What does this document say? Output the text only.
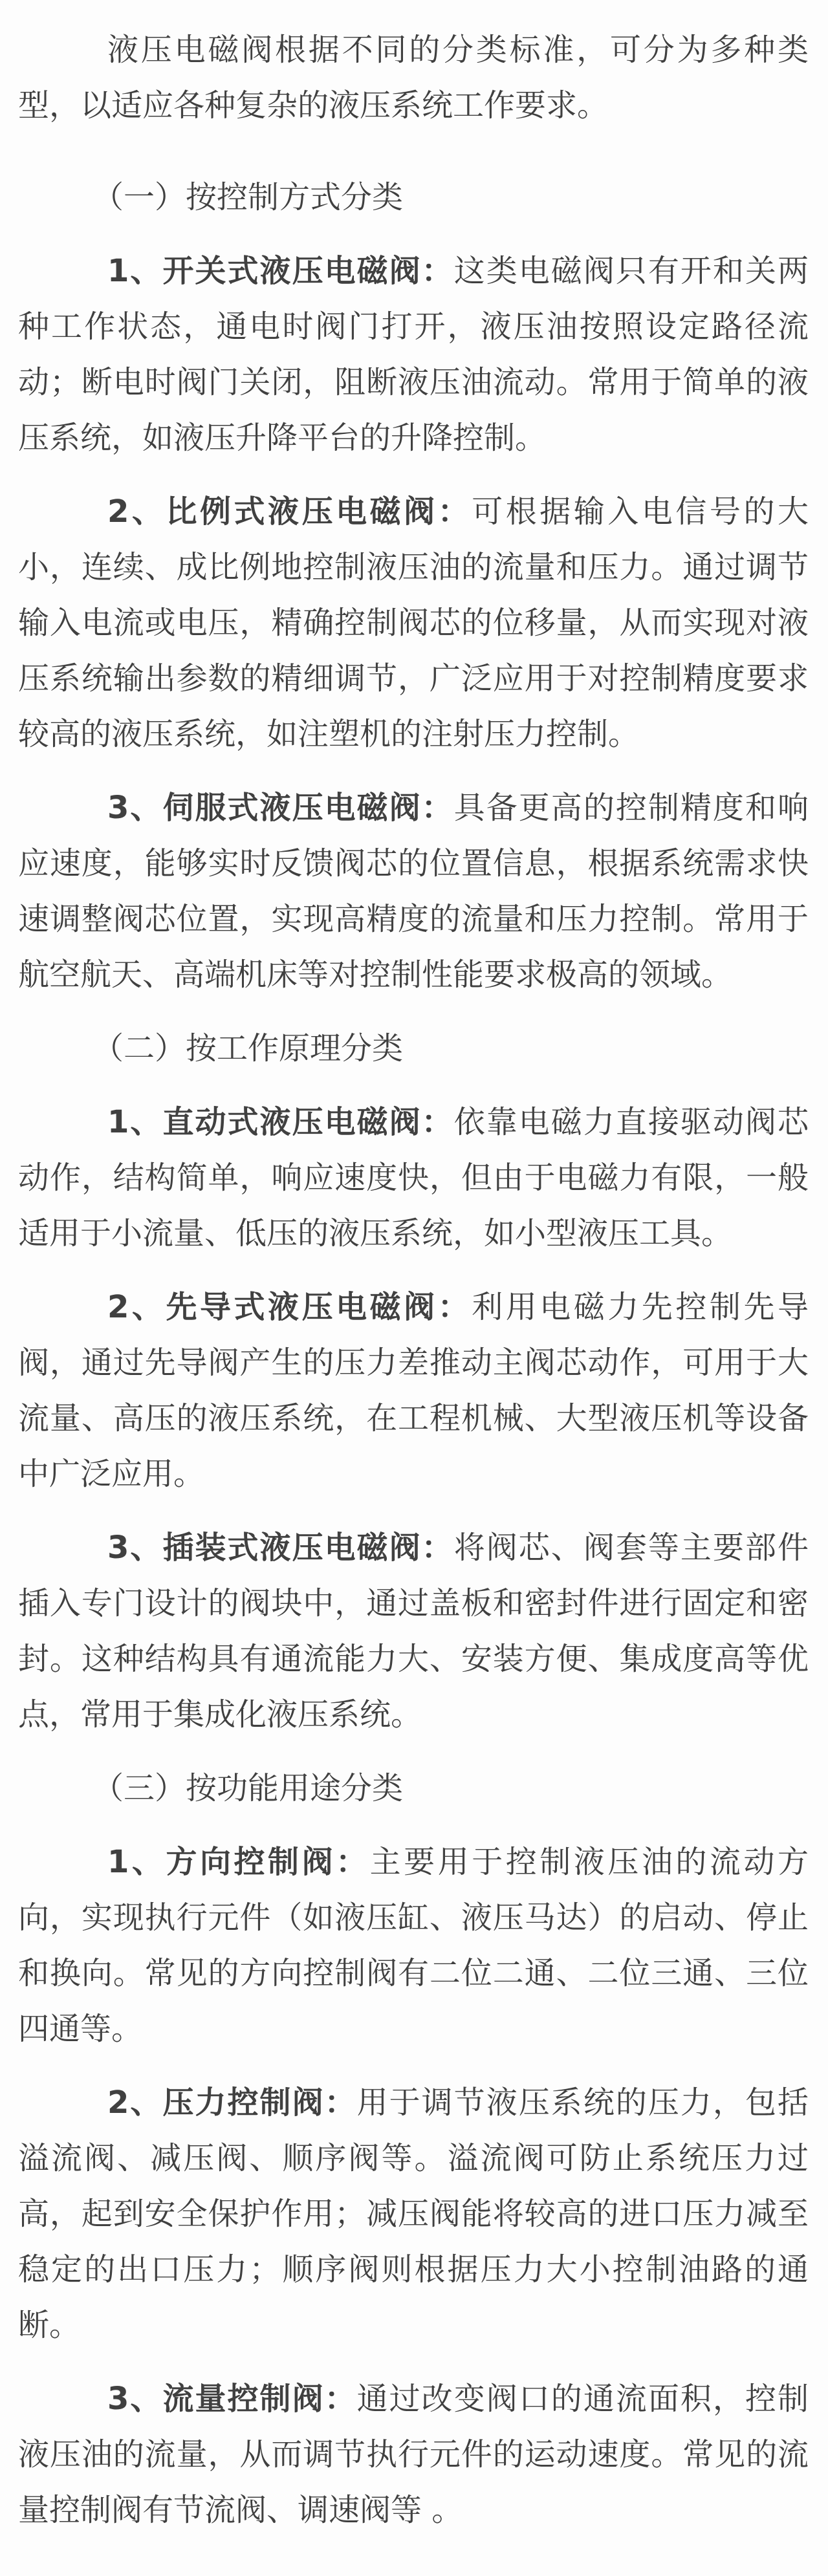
液压电磁阀根据不同的分类标准，可分为多种类型，以适应各种复杂的液压系统工作要求。

（一）按控制方式分类

1、开关式液压电磁阀：这类电磁阀只有开和关两种工作状态，通电时阀门打开，液压油按照设定路径流动；断电时阀门关闭，阻断液压油流动。常用于简单的液压系统，如液压升降平台的升降控制。

2、比例式液压电磁阀：可根据输入电信号的大小，连续、成比例地控制液压油的流量和压力。通过调节输入电流或电压，精确控制阀芯的位移量，从而实现对液压系统输出参数的精细调节，广泛应用于对控制精度要求较高的液压系统，如注塑机的注射压力控制。

3、伺服式液压电磁阀：具备更高的控制精度和响应速度，能够实时反馈阀芯的位置信息，根据系统需求快速调整阀芯位置，实现高精度的流量和压力控制。常用于航空航天、高端机床等对控制性能要求极高的领域。

（二）按工作原理分类

1、直动式液压电磁阀：依靠电磁力直接驱动阀芯动作，结构简单，响应速度快，但由于电磁力有限，一般适用于小流量、低压的液压系统，如小型液压工具。

2、先导式液压电磁阀：利用电磁力先控制先导阀，通过先导阀产生的压力差推动主阀芯动作，可用于大流量、高压的液压系统，在工程机械、大型液压机等设备中广泛应用。

3、插装式液压电磁阀：将阀芯、阀套等主要部件插入专门设计的阀块中，通过盖板和密封件进行固定和密封。这种结构具有通流能力大、安装方便、集成度高等优点，常用于集成化液压系统。

（三）按功能用途分类

1、方向控制阀：主要用于控制液压油的流动方向，实现执行元件（如液压缸、液压马达）的启动、停止和换向。常见的方向控制阀有二位二通、二位三通、三位四通等。

2、压力控制阀：用于调节液压系统的压力，包括溢流阀、减压阀、顺序阀等。溢流阀可防止系统压力过高，起到安全保护作用；减压阀能将较高的进口压力减至稳定的出口压力；顺序阀则根据压力大小控制油路的通断。

3、流量控制阀：通过改变阀口的通流面积，控制液压油的流量，从而调节执行元件的运动速度。常见的流量控制阀有节流阀、调速阀等 。
